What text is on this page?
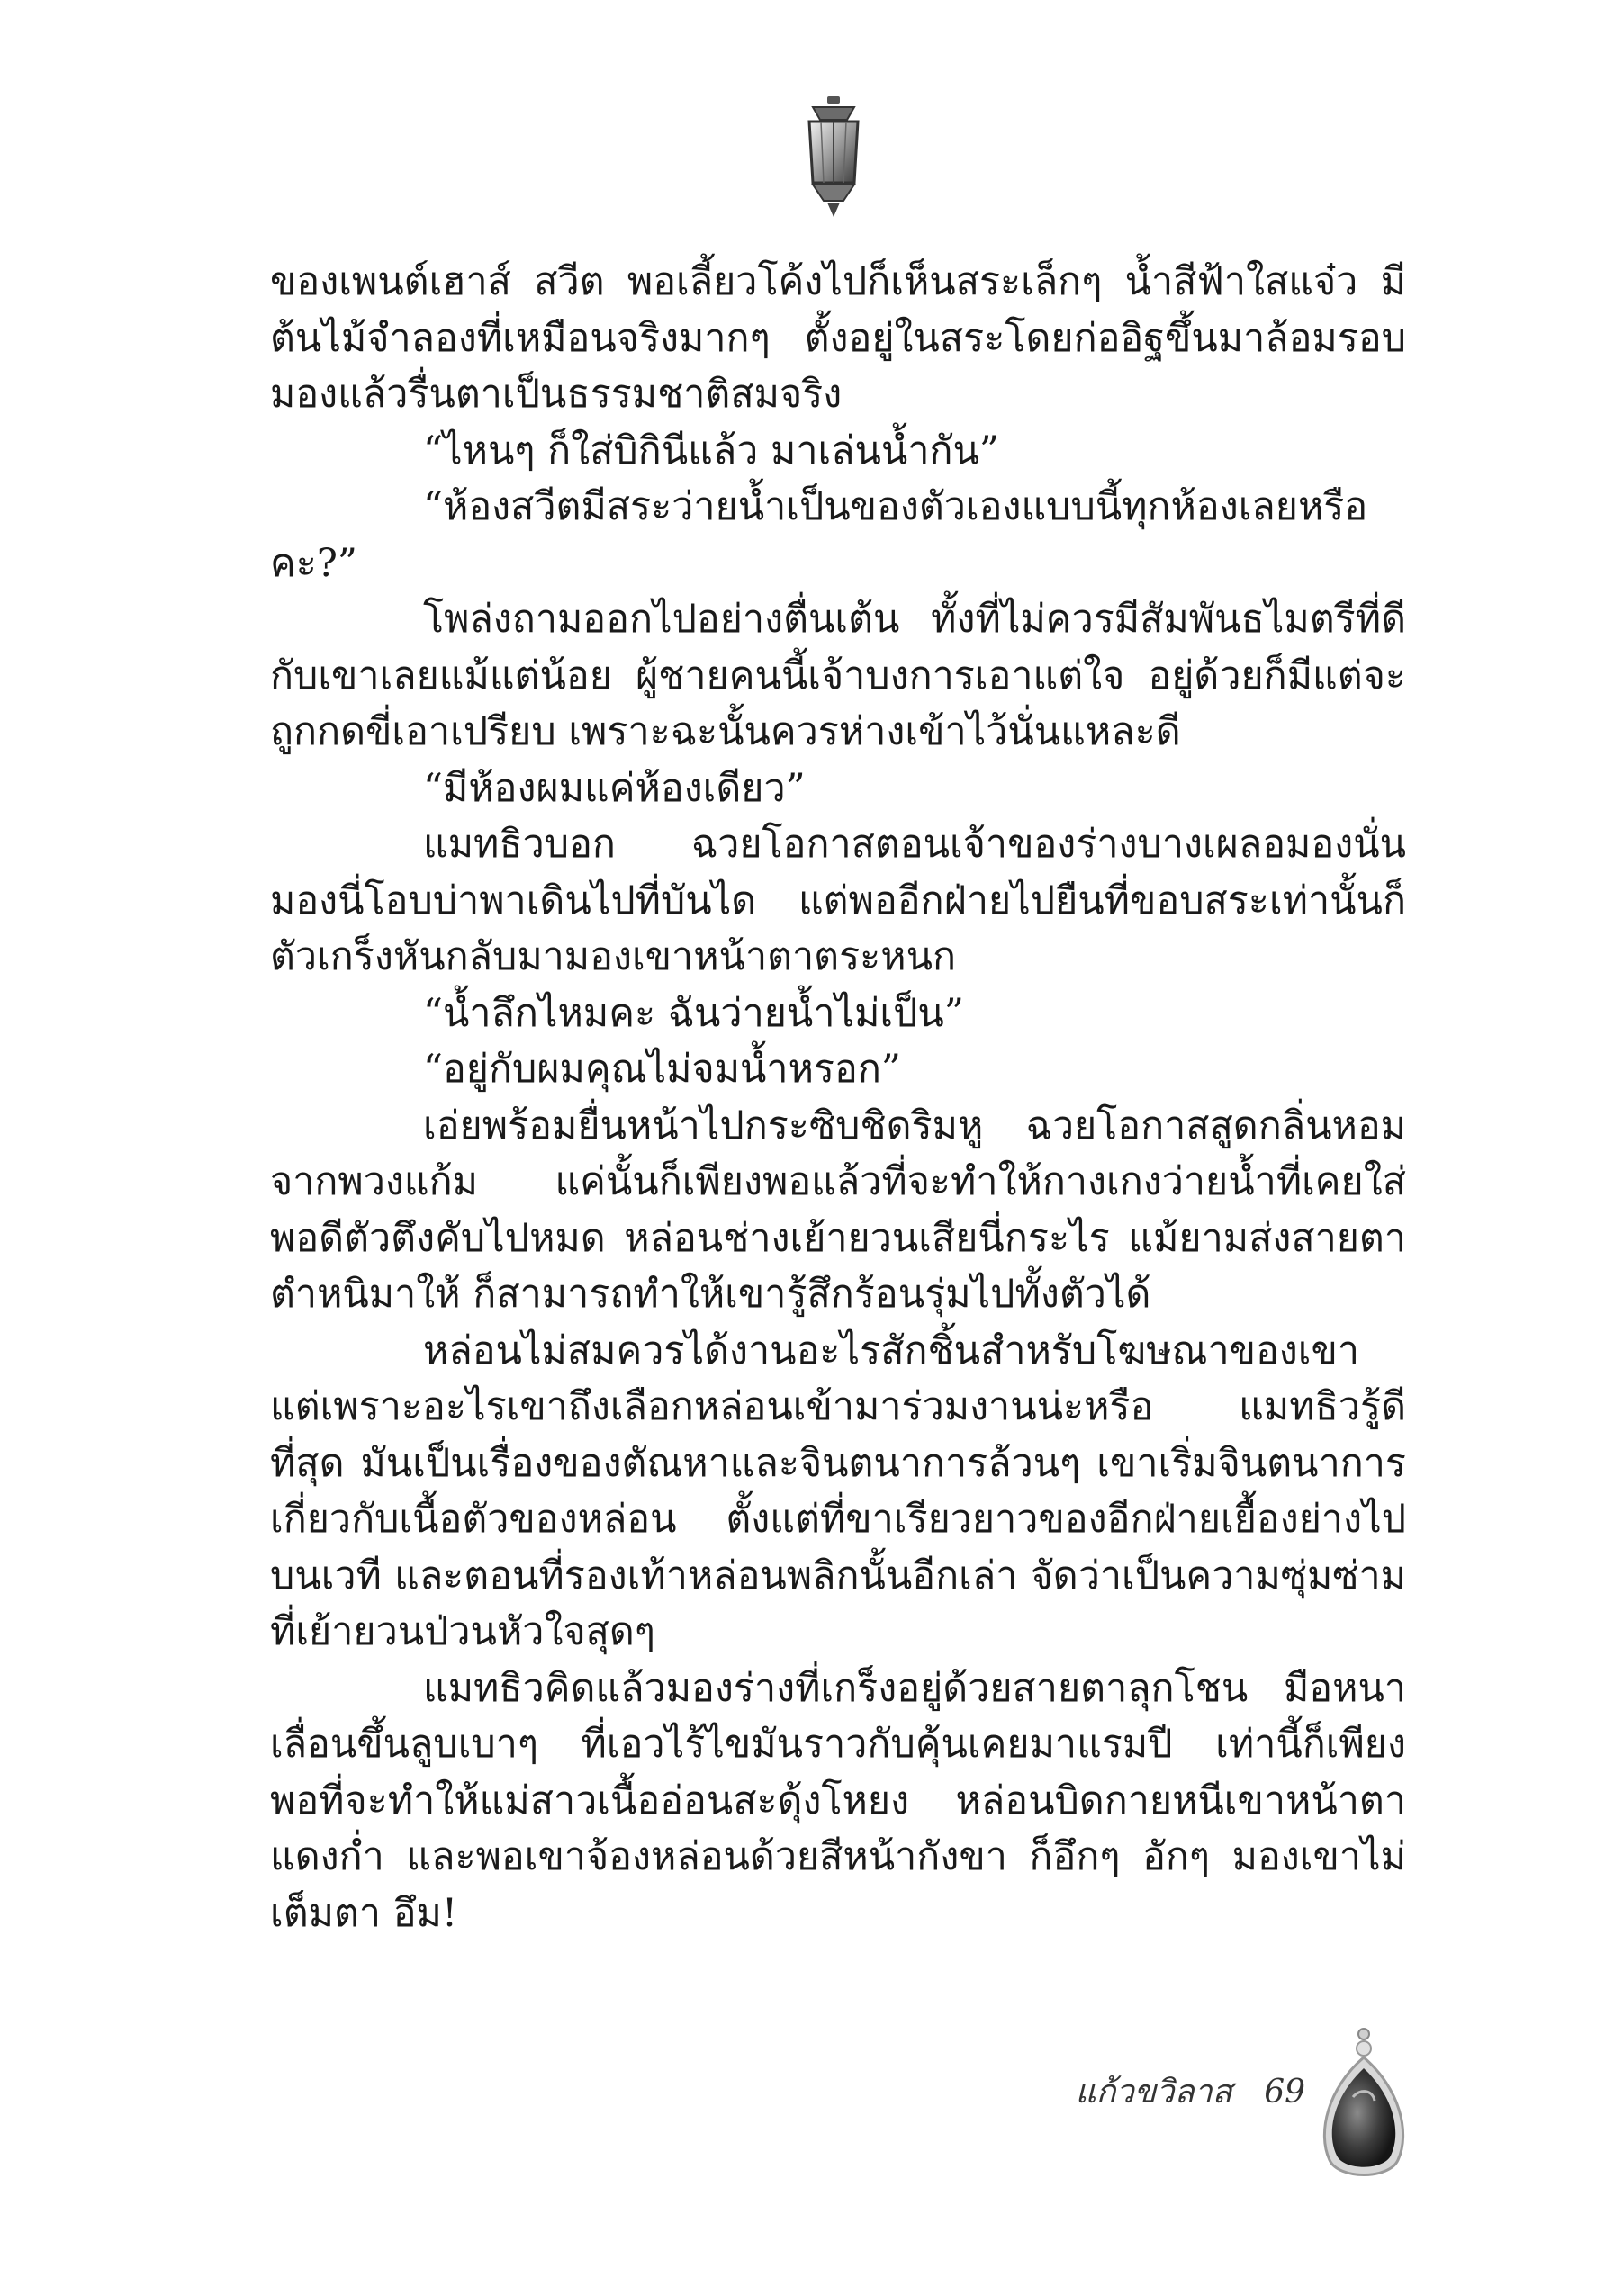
ของเพนต์เฮาส์ สวีต พอเลี้ยวโค้งไปก็เห็นสระเล็กๆ น้ำสีฟ้าใสแจ๋ว มีต้นไม้จำลองที่เหมือนจริงมากๆ ตั้งอยู่ในสระโดยก่ออิฐขึ้นมาล้อมรอบ มองแล้วรื่นตาเป็นธรรมชาติสมจริง

“ไหนๆ ก็ใส่บิกินีแล้ว มาเล่นน้ำกัน”

“ห้องสวีตมีสระว่ายน้ำเป็นของตัวเองแบบนี้ทุกห้องเลยหรือคะ?”

โพล่งถามออกไปอย่างตื่นเต้น ทั้งที่ไม่ควรมีสัมพันธไมตรีที่ดีกับเขาเลยแม้แต่น้อย ผู้ชายคนนี้เจ้าบงการเอาแต่ใจ อยู่ด้วยก็มีแต่จะถูกกดขี่เอาเปรียบ เพราะฉะนั้นควรห่างเข้าไว้นั่นแหละดี

“มีห้องผมแค่ห้องเดียว”

แมทธิวบอก ฉวยโอกาสตอนเจ้าของร่างบางเผลอมองนั่นมองนี่โอบบ่าพาเดินไปที่บันได แต่พออีกฝ่ายไปยืนที่ขอบสระเท่านั้นก็ตัวเกร็งหันกลับมามองเขาหน้าตาตระหนก

“น้ำลึกไหมคะ ฉันว่ายน้ำไม่เป็น”

“อยู่กับผมคุณไม่จมน้ำหรอก”

เอ่ยพร้อมยื่นหน้าไปกระซิบชิดริมหู ฉวยโอกาสสูดกลิ่นหอมจากพวงแก้ม แค่นั้นก็เพียงพอแล้วที่จะทำให้กางเกงว่ายน้ำที่เคยใส่พอดีตัวตึงคับไปหมด หล่อนช่างเย้ายวนเสียนี่กระไร แม้ยามส่งสายตาตำหนิมาให้ ก็สามารถทำให้เขารู้สึกร้อนรุ่มไปทั้งตัวได้

หล่อนไม่สมควรได้งานอะไรสักชิ้นสำหรับโฆษณาของเขา แต่เพราะอะไรเขาถึงเลือกหล่อนเข้ามาร่วมงานน่ะหรือ แมทธิวรู้ดีที่สุด มันเป็นเรื่องของตัณหาและจินตนาการล้วนๆ เขาเริ่มจินตนาการเกี่ยวกับเนื้อตัวของหล่อน ตั้งแต่ที่ขาเรียวยาวของอีกฝ่ายเยื้องย่างไปบนเวที และตอนที่รองเท้าหล่อนพลิกนั้นอีกเล่า จัดว่าเป็นความซุ่มซ่ามที่เย้ายวนป่วนหัวใจสุดๆ

แมทธิวคิดแล้วมองร่างที่เกร็งอยู่ด้วยสายตาลุกโชน มือหนาเลื่อนขึ้นลูบเบาๆ ที่เอวไร้ไขมันราวกับคุ้นเคยมาแรมปี เท่านี้ก็เพียงพอที่จะทำให้แม่สาวเนื้ออ่อนสะดุ้งโหยง หล่อนบิดกายหนีเขาหน้าตาแดงก่ำ และพอเขาจ้องหล่อนด้วยสีหน้ากังขา ก็อึกๆ อักๆ มองเขาไม่เต็มตา อึม!

แก้วขวิลาส 69
